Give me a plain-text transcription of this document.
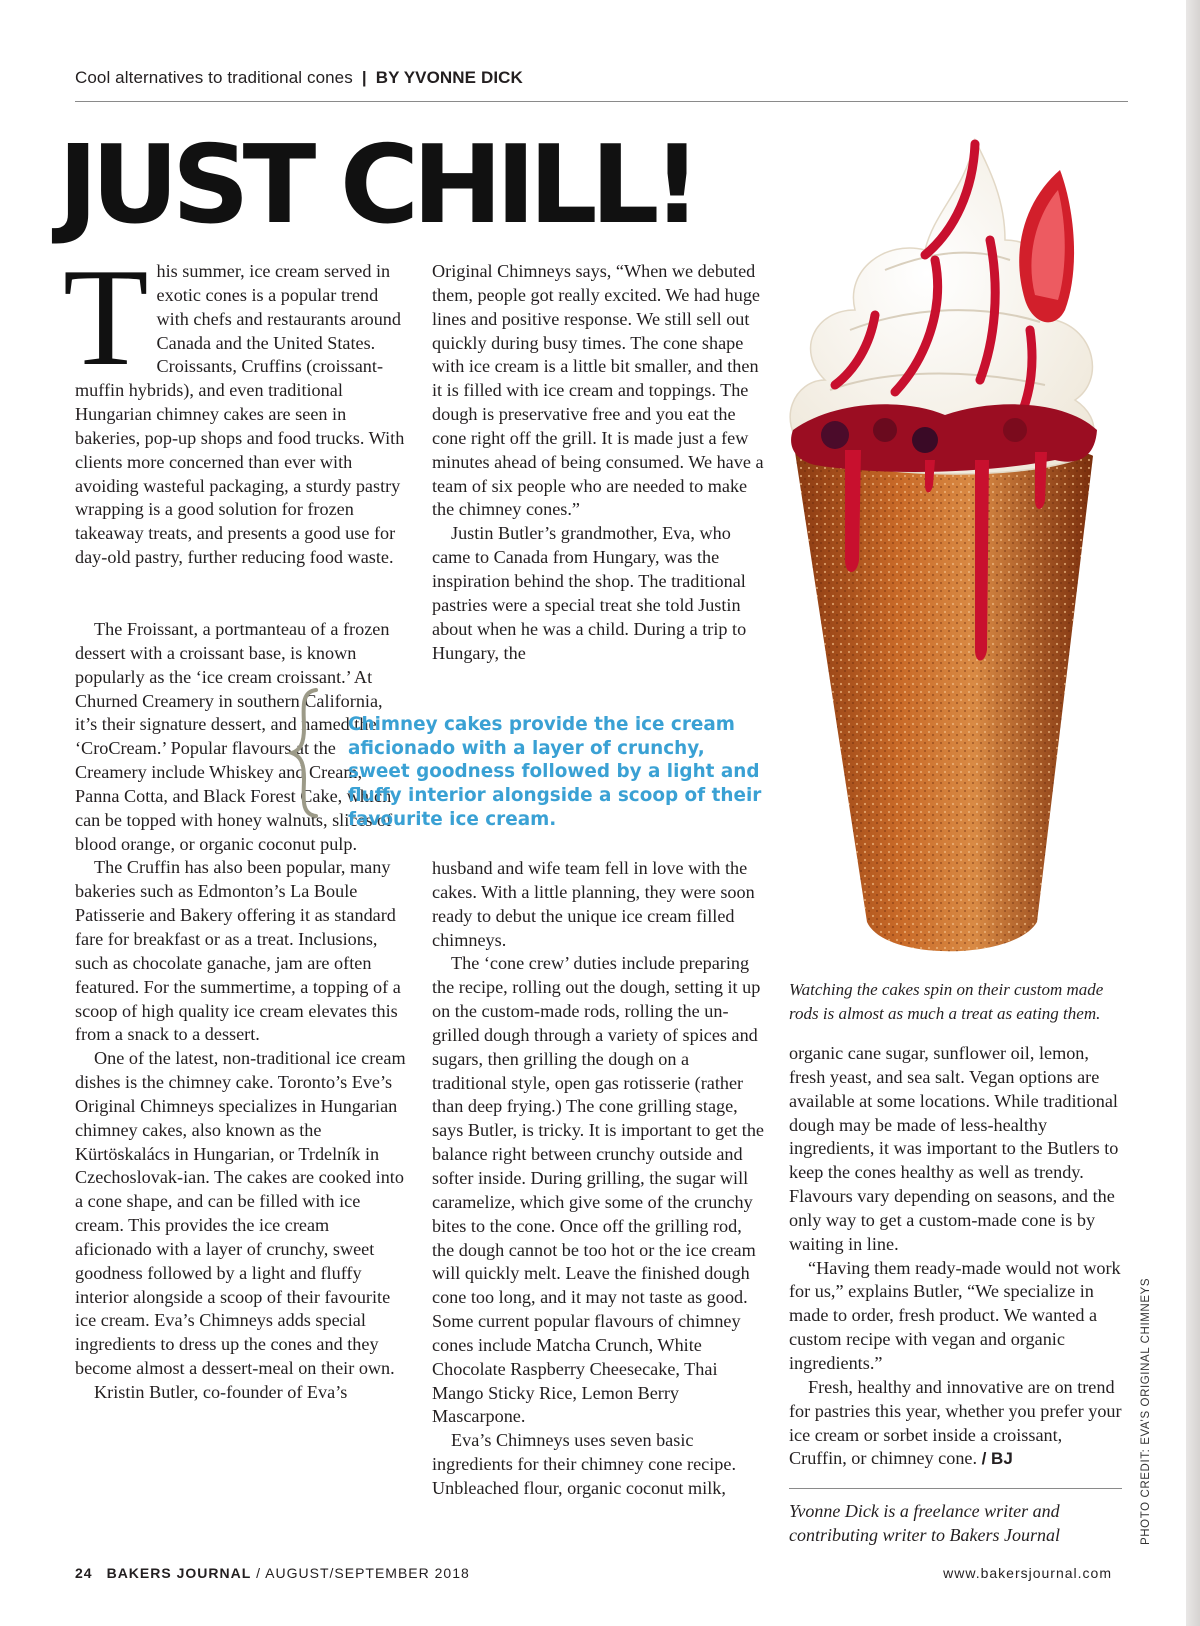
Cool alternatives to traditional cones | BY YVONNE DICK
JUST CHILL!

This summer, ice cream served in exotic cones is a popular trend with chefs and restaurants around Canada and the United States. Croissants, Cruffins (croissant-muffin hybrids), and even traditional Hungarian chimney cakes are seen in bakeries, pop-up shops and food trucks. With clients more concerned than ever with avoiding wasteful packaging, a sturdy pastry wrapping is a good solution for frozen takeaway treats, and presents a good use for day-old pastry, further reducing food waste.

The Froissant, a portmanteau of a frozen dessert with a croissant base, is known popularly as the ‘ice cream croissant.’ At Churned Creamery in southern California, it’s their signature dessert, and named the ‘CroCream.’ Popular flavours at the Creamery include Whiskey and Cream, Panna Cotta, and Black Forest Cake, which can be topped with honey walnuts, slices of blood orange, or organic coconut pulp.

The Cruffin has also been popular, many bakeries such as Edmonton’s La Boule Patisserie and Bakery offering it as standard fare for breakfast or as a treat. Inclusions, such as chocolate ganache, jam are often featured. For the summertime, a topping of a scoop of high quality ice cream elevates this from a snack to a dessert.

One of the latest, non-traditional ice cream dishes is the chimney cake. Toronto’s Eve’s Original Chimneys specializes in Hungarian chimney cakes, also known as the Kürtöskalács in Hungarian, or Trdelník in Czechoslovak-ian. The cakes are cooked into a cone shape, and can be filled with ice cream. This provides the ice cream aficionado with a layer of crunchy, sweet goodness followed by a light and fluffy interior alongside a scoop of their favourite ice cream. Eva’s Chimneys adds special ingredients to dress up the cones and they become almost a dessert-meal on their own.

Kristin Butler, co-founder of Eva’s

Original Chimneys says, “When we debuted them, people got really excited. We had huge lines and positive response. We still sell out quickly during busy times. The cone shape with ice cream is a little bit smaller, and then it is filled with ice cream and toppings. The dough is preservative free and you eat the cone right off the grill. It is made just a few minutes ahead of being consumed. We have a team of six people who are needed to make the chimney cones.”

Justin Butler’s grandmother, Eva, who came to Canada from Hungary, was the inspiration behind the shop. The traditional pastries were a special treat she told Justin about when he was a child. During a trip to Hungary, the

Chimney cakes provide the ice cream aficionado with a layer of crunchy, sweet goodness followed by a light and fluffy interior alongside a scoop of their favourite ice cream.

husband and wife team fell in love with the cakes. With a little planning, they were soon ready to debut the unique ice cream filled chimneys.

The ‘cone crew’ duties include preparing the recipe, rolling out the dough, setting it up on the custom-made rods, rolling the un-grilled dough through a variety of spices and sugars, then grilling the dough on a traditional style, open gas rotisserie (rather than deep frying.) The cone grilling stage, says Butler, is tricky. It is important to get the balance right between crunchy outside and softer inside. During grilling, the sugar will caramelize, which give some of the crunchy bites to the cone. Once off the grilling rod, the dough cannot be too hot or the ice cream will quickly melt. Leave the finished dough cone too long, and it may not taste as good. Some current popular flavours of chimney cones include Matcha Crunch, White Chocolate Raspberry Cheesecake, Thai Mango Sticky Rice, Lemon Berry Mascarpone.

Eva’s Chimneys uses seven basic ingredients for their chimney cone recipe. Unbleached flour, organic coconut milk,

Watching the cakes spin on their custom made rods is almost as much a treat as eating them.

organic cane sugar, sunflower oil, lemon, fresh yeast, and sea salt. Vegan options are available at some locations. While traditional dough may be made of less-healthy ingredients, it was important to the Butlers to keep the cones healthy as well as trendy. Flavours vary depending on seasons, and the only way to get a custom-made cone is by waiting in line.

“Having them ready-made would not work for us,” explains Butler, “We specialize in made to order, fresh product. We wanted a custom recipe with vegan and organic ingredients.”

Fresh, healthy and innovative are on trend for pastries this year, whether you prefer your ice cream or sorbet inside a croissant, Cruffin, or chimney cone. / BJ

Yvonne Dick is a freelance writer and contributing writer to Bakers Journal	PHOTO CREDIT: EVA’S ORIGINAL CHIMNEYS
24 BAKERS JOURNAL / AUGUST/SEPTEMBER 2018	www.bakersjournal.com
